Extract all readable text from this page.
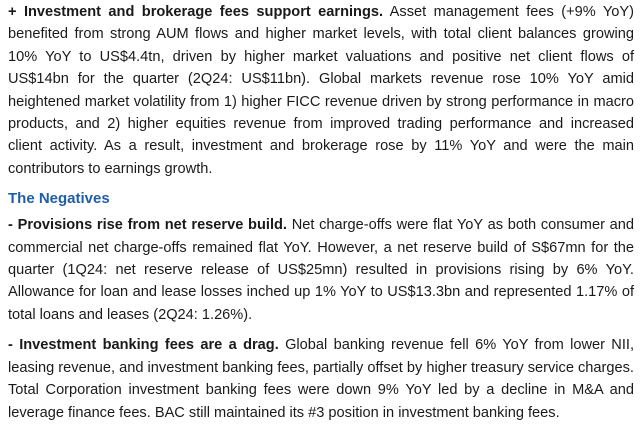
+ Investment and brokerage fees support earnings. Asset management fees (+9% YoY) benefited from strong AUM flows and higher market levels, with total client balances growing 10% YoY to US$4.4tn, driven by higher market valuations and positive net client flows of US$14bn for the quarter (2Q24: US$11bn). Global markets revenue rose 10% YoY amid heightened market volatility from 1) higher FICC revenue driven by strong performance in macro products, and 2) higher equities revenue from improved trading performance and increased client activity. As a result, investment and brokerage rose by 11% YoY and were the main contributors to earnings growth.

The Negatives

- Provisions rise from net reserve build. Net charge-offs were flat YoY as both consumer and commercial net charge-offs remained flat YoY. However, a net reserve build of S$67mn for the quarter (1Q24: net reserve release of US$25mn) resulted in provisions rising by 6% YoY. Allowance for loan and lease losses inched up 1% YoY to US$13.3bn and represented 1.17% of total loans and leases (2Q24: 1.26%).

- Investment banking fees are a drag. Global banking revenue fell 6% YoY from lower NII, leasing revenue, and investment banking fees, partially offset by higher treasury service charges. Total Corporation investment banking fees were down 9% YoY led by a decline in M&A and leverage finance fees. BAC still maintained its #3 position in investment banking fees.
